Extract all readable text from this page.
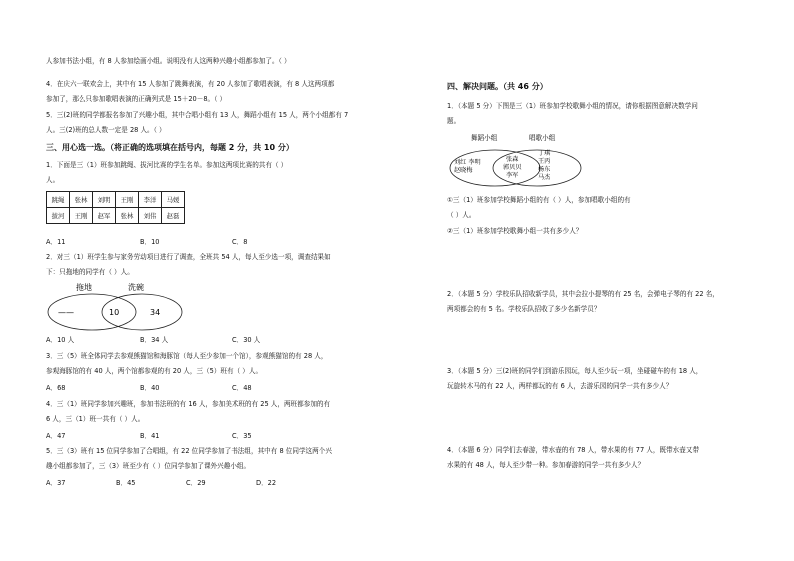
人参加书法小组，有 8 人参加绘画小组。说明没有人这两种兴趣小组都参加了。（ ）
4．在庆六一联欢会上，其中有 15 人参加了跳舞表演，有 20 人参加了歌唱表演，有 8 人这两项都
参加了，那么只参加歌唱表演的正确列式是 15＋20－8。（ ）
5．三(2)班的同学都报名参加了兴趣小组，其中合唱小组有 13 人，舞蹈小组有 15 人，两个小组都有 7
人。三(2)班的总人数一定是 28 人。（ ）
三、用心选一选。（将正确的选项填在括号内，每题 2 分，共 10 分）
1．下面是三（1）班参加跳绳、拔河比赛的学生名单。参加这两项比赛的共有（ ）
人。
跳绳	张林	刘明	王刚	李洋	马媛
拔河	王刚	赵军	张林	刘伟	赵磊
A．11	B．10	C．8
2．对三（1）班学生参与家务劳动项目进行了调查，全班共 54 人，每人至少选一项，调查结果如
下：只拖地的同学有（ ）人。
拖地	洗碗
——	10	34
A．10 人	B．34 人	C．30 人
3．三（5）班全体同学去参观熊猫馆和海豚馆（每人至少参加一个馆），参观熊猫馆的有 28 人，
参观海豚馆的有 40 人，两个馆都参观的有 20 人，三（5）班有（ ）人。
A．68	B．40	C．48
4．三（1）班同学参加兴趣班，参加书法班的有 16 人，参加美术班的有 25 人，两班都参加的有
6 人，三（1）班一共有（ ）人。
A．47	B．41	C．35
5．三（3）班有 15 位同学参加了合唱组，有 22 位同学参加了书法组，其中有 8 位同学这两个兴
趣小组都参加了，三（3）班至少有（ ）位同学参加了课外兴趣小组。
A．37	B．45	C．29	D．22
四、解决问题。（共 46 分）
1．（本题 5 分）下图是三（1）班参加学校歌舞小组的情况，请你根据图意解决数学问
题。
舞蹈小组	唱歌小组
刘红 李明
赵晓梅
张森
郭贝贝
李军
丁琪
王丙
杨东
马杰
①三（1）班参加学校舞蹈小组的有（ ）人，参加唱歌小组的有
（ ）人。
②三（1）班参加学校歌舞小组一共有多少人？
2．（本题 5 分）学校乐队招收新学员，其中会拉小提琴的有 25 名，会弹电子琴的有 22 名，
两项都会的有 5 名。学校乐队招收了多少名新学员？
3．（本题 5 分）三(2)班的同学们到游乐园玩，每人至少玩一项，坐碰碰车的有 18 人，
玩旋转木马的有 22 人，两样都玩的有 6 人，去游乐园的同学一共有多少人？
4．（本题 6 分）同学们去春游，带水壶的有 78 人，带水果的有 77 人，既带水壶又带
水果的有 48 人，每人至少带一种。参加春游的同学一共有多少人？
